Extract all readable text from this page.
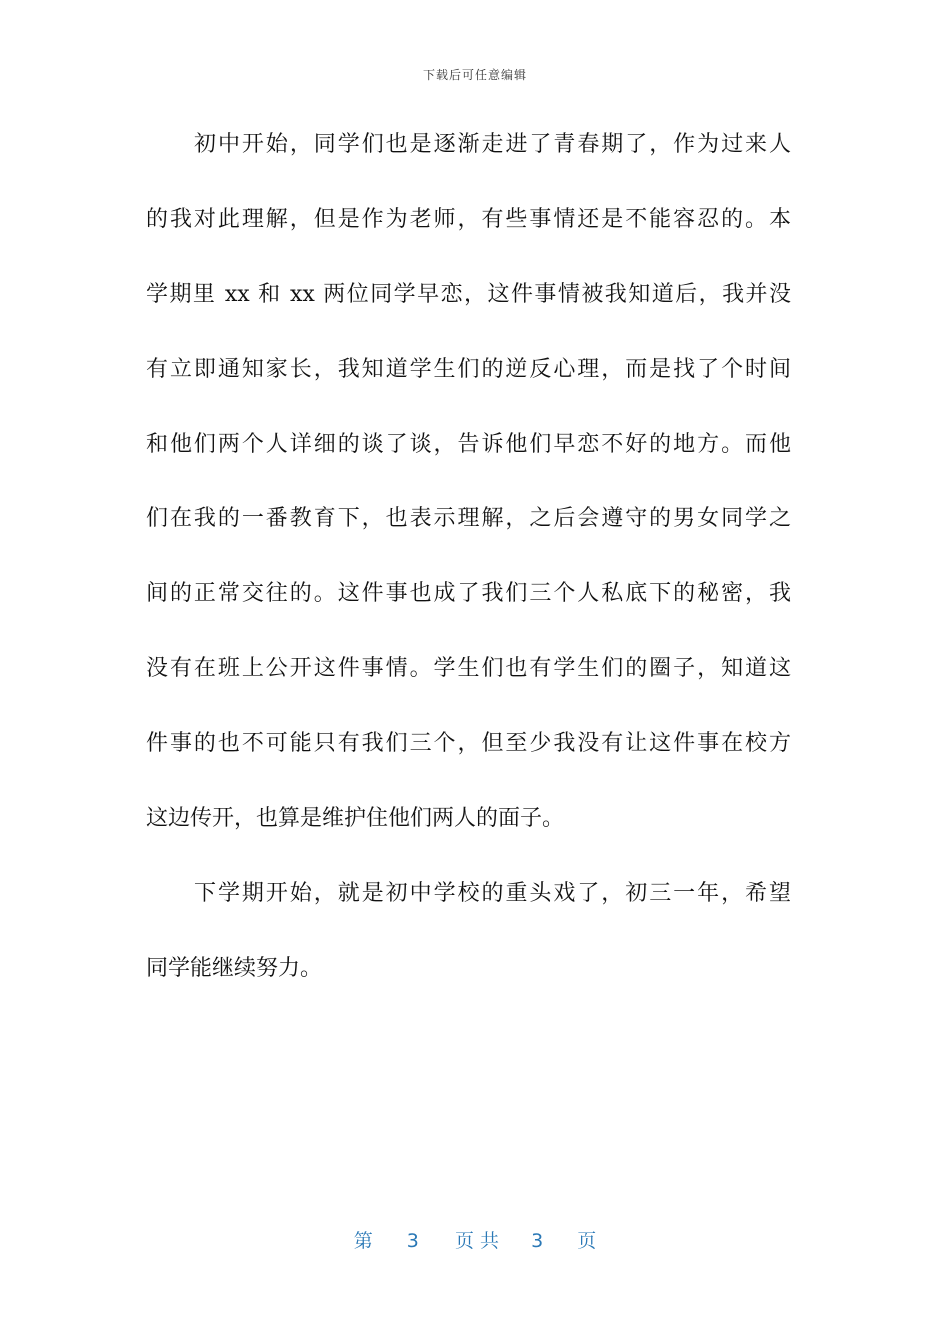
下载后可任意编辑
初中开始，同学们也是逐渐走进了青春期了，作为过来人
的我对此理解，但是作为老师，有些事情还是不能容忍的。本
学期里 xx 和 xx 两位同学早恋，这件事情被我知道后，我并没
有立即通知家长，我知道学生们的逆反心理，而是找了个时间
和他们两个人详细的谈了谈，告诉他们早恋不好的地方。而他
们在我的一番教育下，也表示理解，之后会遵守的男女同学之
间的正常交往的。这件事也成了我们三个人私底下的秘密，我
没有在班上公开这件事情。学生们也有学生们的圈子，知道这
件事的也不可能只有我们三个，但至少我没有让这件事在校方
这边传开，也算是维护住他们两人的面子。
下学期开始，就是初中学校的重头戏了，初三一年，希望
同学能继续努力。
第 3 页共 3 页
